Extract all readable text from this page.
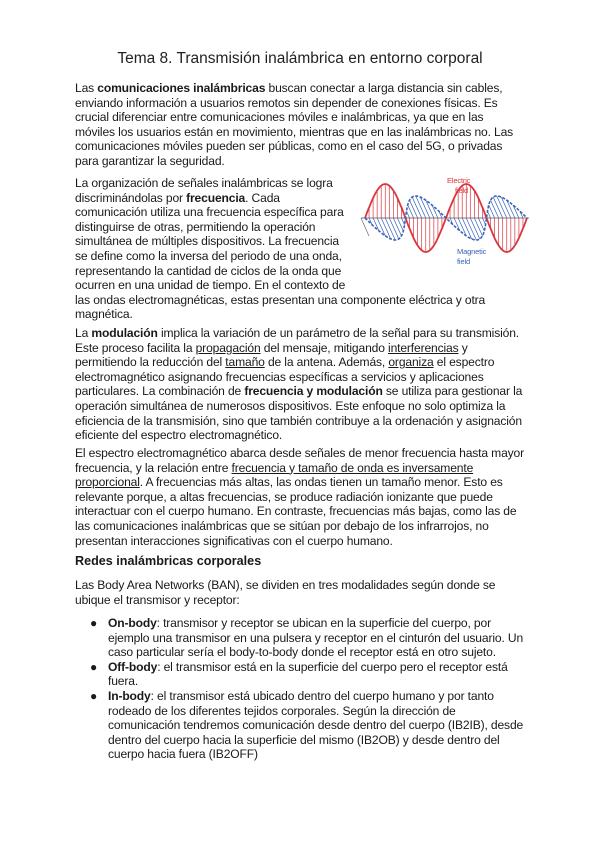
Tema 8. Transmisión inalámbrica en entorno corporal

Las comunicaciones inalámbricas buscan conectar a larga distancia sin cables, enviando información a usuarios remotos sin depender de conexiones físicas. Es crucial diferenciar entre comunicaciones móviles e inalámbricas, ya que en las móviles los usuarios están en movimiento, mientras que en las inalámbricas no. Las comunicaciones móviles pueden ser públicas, como en el caso del 5G, o privadas para garantizar la seguridad.

Electric
field
Magnetic
field
La organización de señales inalámbricas se logra discriminándolas por frecuencia. Cada comunicación utiliza una frecuencia específica para distinguirse de otras, permitiendo la operación simultánea de múltiples dispositivos. La frecuencia se define como la inversa del periodo de una onda, representando la cantidad de ciclos de la onda que ocurren en una unidad de tiempo. En el contexto de las ondas electromagnéticas, estas presentan una componente eléctrica y otra magnética.

La modulación implica la variación de un parámetro de la señal para su transmisión. Este proceso facilita la propagación del mensaje, mitigando interferencias y permitiendo la reducción del tamaño de la antena. Además, organiza el espectro electromagnético asignando frecuencias específicas a servicios y aplicaciones particulares. La combinación de frecuencia y modulación se utiliza para gestionar la operación simultánea de numerosos dispositivos. Este enfoque no solo optimiza la eficiencia de la transmisión, sino que también contribuye a la ordenación y asignación eficiente del espectro electromagnético.

El espectro electromagnético abarca desde señales de menor frecuencia hasta mayor frecuencia, y la relación entre frecuencia y tamaño de onda es inversamente proporcional. A frecuencias más altas, las ondas tienen un tamaño menor. Esto es relevante porque, a altas frecuencias, se produce radiación ionizante que puede interactuar con el cuerpo humano. En contraste, frecuencias más bajas, como las de las comunicaciones inalámbricas que se sitúan por debajo de los infrarrojos, no presentan interacciones significativas con el cuerpo humano.

Redes inalámbricas corporales

Las Body Area Networks (BAN), se dividen en tres modalidades según donde se ubique el transmisor y receptor:

● On-body: transmisor y receptor se ubican en la superficie del cuerpo, por ejemplo una transmisor en una pulsera y receptor en el cinturón del usuario. Un caso particular sería el body-to-body donde el receptor está en otro sujeto.
● Off-body: el transmisor está en la superficie del cuerpo pero el receptor está fuera.
● In-body: el transmisor está ubicado dentro del cuerpo humano y por tanto rodeado de los diferentes tejidos corporales. Según la dirección de comunicación tendremos comunicación desde dentro del cuerpo (IB2IB), desde dentro del cuerpo hacia la superficie del mismo (IB2OB) y desde dentro del cuerpo hacia fuera (IB2OFF)
